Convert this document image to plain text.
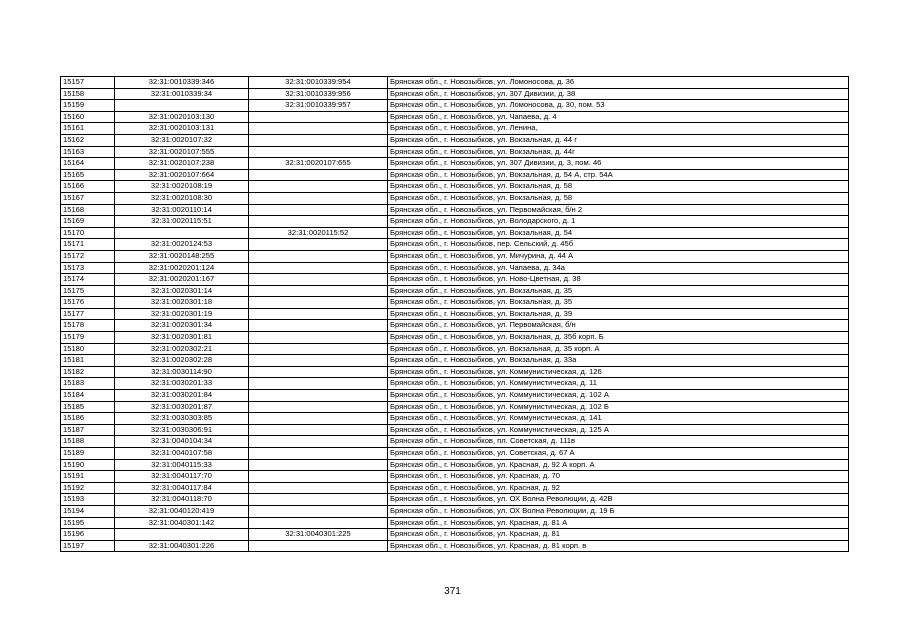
15157	32:31:0010339:346	32:31:0010339:954	Брянская обл., г. Новозыбков, ул. Ломоносова, д. 36
15158	32:31:0010339:34	32:31:0010339:956	Брянская обл., г. Новозыбков, ул. 307 Дивизии, д. 38
15159		32:31:0010339:957	Брянская обл., г. Новозыбков, ул. Ломоносова, д. 30, пом. 53
15160	32:31:0020103:130		Брянская обл., г. Новозыбков, ул. Чапаева, д. 4
15161	32:31:0020103:131		Брянская обл., г. Новозыбков, ул. Ленина,
15162	32:31:0020107:32		Брянская обл., г. Новозыбков, ул. Вокзальная, д. 44 г
15163	32:31:0020107:555		Брянская обл., г. Новозыбков, ул. Вокзальная, д. 44г
15164	32:31:0020107:238	32:31:0020107:655	Брянская обл., г. Новозыбков, ул. 307 Дивизии, д. 3, пом. 46
15165	32:31:0020107:664		Брянская обл., г. Новозыбков, ул. Вокзальная, д. 54 А, стр. 54А
15166	32:31:0020108:19		Брянская обл., г. Новозыбков, ул. Вокзальная, д. 58
15167	32:31:0020108:30		Брянская обл., г. Новозыбков, ул. Вокзальная, д. 58
15168	32:31:0020110:14		Брянская обл., г. Новозыбков, ул. Первомайская, б/н 2
15169	32:31:0020115:51		Брянская обл., г. Новозыбков, ул. Володарского, д. 1
15170		32:31:0020115:52	Брянская обл., г. Новозыбков, ул. Вокзальная, д. 54
15171	32:31:0020124:53		Брянская обл., г. Новозыбков, пер. Сельский, д. 45б
15172	32:31:0020148:255		Брянская обл., г. Новозыбков, ул. Мичурина, д. 44 А
15173	32:31:0020201:124		Брянская обл., г. Новозыбков, ул. Чапаева, д. 34а
15174	32:31:0020201:167		Брянская обл., г. Новозыбков, ул. Ново-Цветная, д. 38
15175	32:31:0020301:14		Брянская обл., г. Новозыбков, ул. Вокзальная, д. 35
15176	32:31:0020301:18		Брянская обл., г. Новозыбков, ул. Вокзальная, д. 35
15177	32:31:0020301:19		Брянская обл., г. Новозыбков, ул. Вокзальная, д. 39
15178	32:31:0020301:34		Брянская обл., г. Новозыбков, ул. Первомайская, б/н
15179	32:31:0020301:81		Брянская обл., г. Новозыбков, ул. Вокзальная, д. 35б корп. Б
15180	32:31:0020302:21		Брянская обл., г. Новозыбков, ул. Вокзальная, д. 35 корп. А
15181	32:31:0020302:28		Брянская обл., г. Новозыбков, ул. Вокзальная, д. 33а
15182	32:31:0030114:90		Брянская обл., г. Новозыбков, ул. Коммунистическая, д. 126
15183	32:31:0030201:33		Брянская обл., г. Новозыбков, ул. Коммунистическая, д. 11
15184	32:31:0030201:84		Брянская обл., г. Новозыбков, ул. Коммунистическая, д. 102 А
15185	32:31:0030201:87		Брянская обл., г. Новозыбков, ул. Коммунистическая, д. 102 Б
15186	32:31:0030303:85		Брянская обл., г. Новозыбков, ул. Коммунистическая, д. 141
15187	32:31:0030306:91		Брянская обл., г. Новозыбков, ул. Коммунистическая, д. 125 А
15188	32:31:0040104:34		Брянская обл., г. Новозыбков, пл. Советская, д. 111в
15189	32:31:0040107:58		Брянская обл., г. Новозыбков, ул. Советская, д. 67 А
15190	32:31:0040115:33		Брянская обл., г. Новозыбков, ул. Красная, д. 92 А корп. А
15191	32:31:0040117:70		Брянская обл., г. Новозыбков, ул. Красная, д. 70
15192	32:31:0040117:84		Брянская обл., г. Новозыбков, ул. Красная, д. 92
15193	32:31:0040118:70		Брянская обл., г. Новозыбков, ул. ОХ Волна Революции, д. 42В
15194	32:31:0040120:419		Брянская обл., г. Новозыбков, ул. ОХ Волна Революции, д. 19 Б
15195	32:31:0040301:142		Брянская обл., г. Новозыбков, ул. Красная, д. 81 А
15196		32:31:0040301:225	Брянская обл., г. Новозыбков, ул. Красная, д. 81
15197	32:31:0040301:226		Брянская обл., г. Новозыбков, ул. Красная, д. 81 корп. в
371
